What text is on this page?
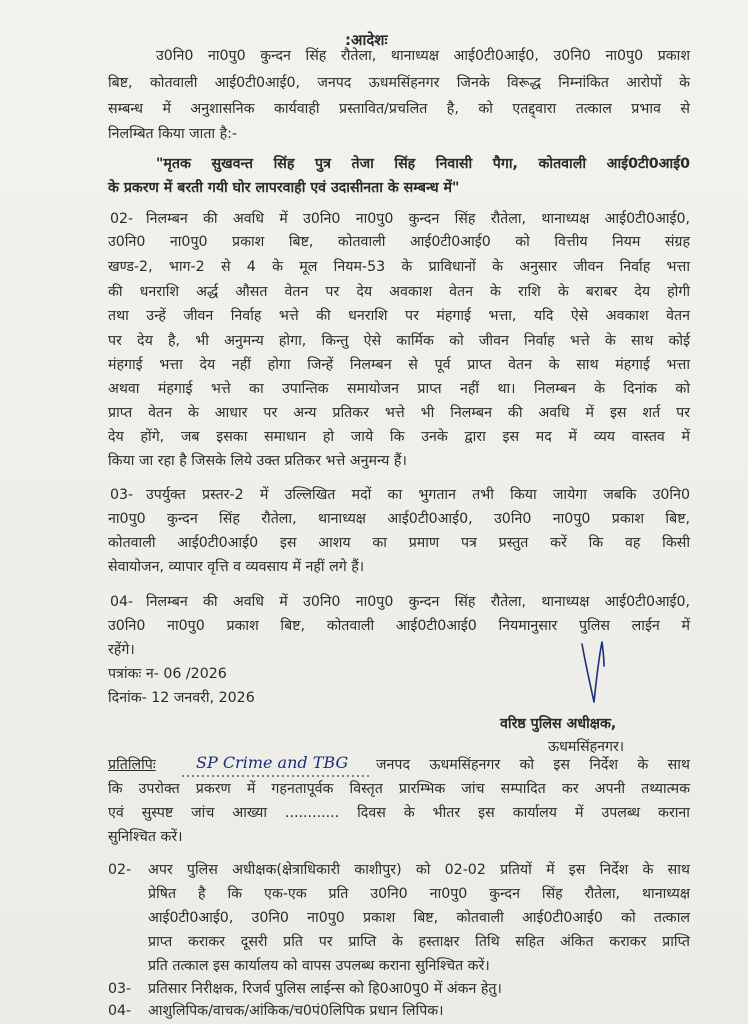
:आदेशः
उ0नि0 ना0पु0 कुन्दन सिंह रौतेला, थानाध्यक्ष आई0टी0आई0, उ0नि0 ना0पु0 प्रकाश
बिष्ट, कोतवाली आई0टी0आई0, जनपद ऊधमसिंहनगर जिनके विरूद्ध निम्नांकित आरोपों के
सम्बन्ध में अनुशासनिक कार्यवाही प्रस्तावित/प्रचलित है, को एतद्द्वारा तत्काल प्रभाव से
निलम्बित किया जाता है:-
"मृतक सुखवन्त सिंह पुत्र तेजा सिंह निवासी पैगा, कोतवाली आई0टी0आई0
के प्रकरण में बरती गयी घोर लापरवाही एवं उदासीनता के सम्बन्ध में"
02- निलम्बन की अवधि में उ0नि0 ना0पु0 कुन्दन सिंह रौतेला, थानाध्यक्ष आई0टी0आई0,
उ0नि0 ना0पु0 प्रकाश बिष्ट, कोतवाली आई0टी0आई0 को वित्तीय नियम संग्रह
खण्ड-2, भाग-2 से 4 के मूल नियम-53 के प्राविधानों के अनुसार जीवन निर्वाह भत्ता
की धनराशि अर्द्ध औसत वेतन पर देय अवकाश वेतन के राशि के बराबर देय होगी
तथा उन्हें जीवन निर्वाह भत्ते की धनराशि पर मंहगाई भत्ता, यदि ऐसे अवकाश वेतन
पर देय है, भी अनुमन्य होगा, किन्तु ऐसे कार्मिक को जीवन निर्वाह भत्ते के साथ कोई
मंहगाई भत्ता देय नहीं होगा जिन्हें निलम्बन से पूर्व प्राप्त वेतन के साथ मंहगाई भत्ता
अथवा मंहगाई भत्ते का उपान्तिक समायोजन प्राप्त नहीं था। निलम्बन के दिनांक को
प्राप्त वेतन के आधार पर अन्य प्रतिकर भत्ते भी निलम्बन की अवधि में इस शर्त पर
देय होंगे, जब इसका समाधान हो जाये कि उनके द्वारा इस मद में व्यय वास्तव में
किया जा रहा है जिसके लिये उक्त प्रतिकर भत्ते अनुमन्य हैं।
03- उपर्युक्त प्रस्तर-2 में उल्लिखित मदों का भुगतान तभी किया जायेगा जबकि उ0नि0
ना0पु0 कुन्दन सिंह रौतेला, थानाध्यक्ष आई0टी0आई0, उ0नि0 ना0पु0 प्रकाश बिष्ट,
कोतवाली आई0टी0आई0 इस आशय का प्रमाण पत्र प्रस्तुत करें कि वह किसी
सेवायोजन, व्यापार वृत्ति व व्यवसाय में नहीं लगे हैं।
04- निलम्बन की अवधि में उ0नि0 ना0पु0 कुन्दन सिंह रौतेला, थानाध्यक्ष आई0टी0आई0,
उ0नि0 ना0पु0 प्रकाश बिष्ट, कोतवाली आई0टी0आई0 नियमानुसार पुलिस लाईन में
रहेंगे।
पत्रांकः न- 06 /2026
दिनांक- 12 जनवरी, 2026
वरिष्ठ पुलिस अधीक्षक,
ऊधमसिंहनगर।
प्रतिलिपिः	SP Crime and TBG जनपद ऊधमसिंहनगर को इस निर्देश के साथ
कि उपरोक्त प्रकरण में गहनतापूर्वक विस्तृत प्रारम्भिक जांच सम्पादित कर अपनी तथ्यात्मक
एवं सुस्पष्ट जांच आख्या ............ दिवस के भीतर इस कार्यालय में उपलब्ध कराना
सुनिश्चित करें।
02- अपर पुलिस अधीक्षक(क्षेत्राधिकारी काशीपुर) को 02-02 प्रतियों में इस निर्देश के साथ
प्रेषित है कि एक-एक प्रति उ0नि0 ना0पु0 कुन्दन सिंह रौतेला, थानाध्यक्ष
आई0टी0आई0, उ0नि0 ना0पु0 प्रकाश बिष्ट, कोतवाली आई0टी0आई0 को तत्काल
प्राप्त कराकर दूसरी प्रति पर प्राप्ति के हस्ताक्षर तिथि सहित अंकित कराकर प्राप्ति
प्रति तत्काल इस कार्यालय को वापस उपलब्ध कराना सुनिश्चित करें।
03- प्रतिसार निरीक्षक, रिजर्व पुलिस लाईन्स को हि0आ0पु0 में अंकन हेतु।
04- आशुलिपिक/वाचक/आंकिक/च0पं0लिपिक प्रधान लिपिक।
